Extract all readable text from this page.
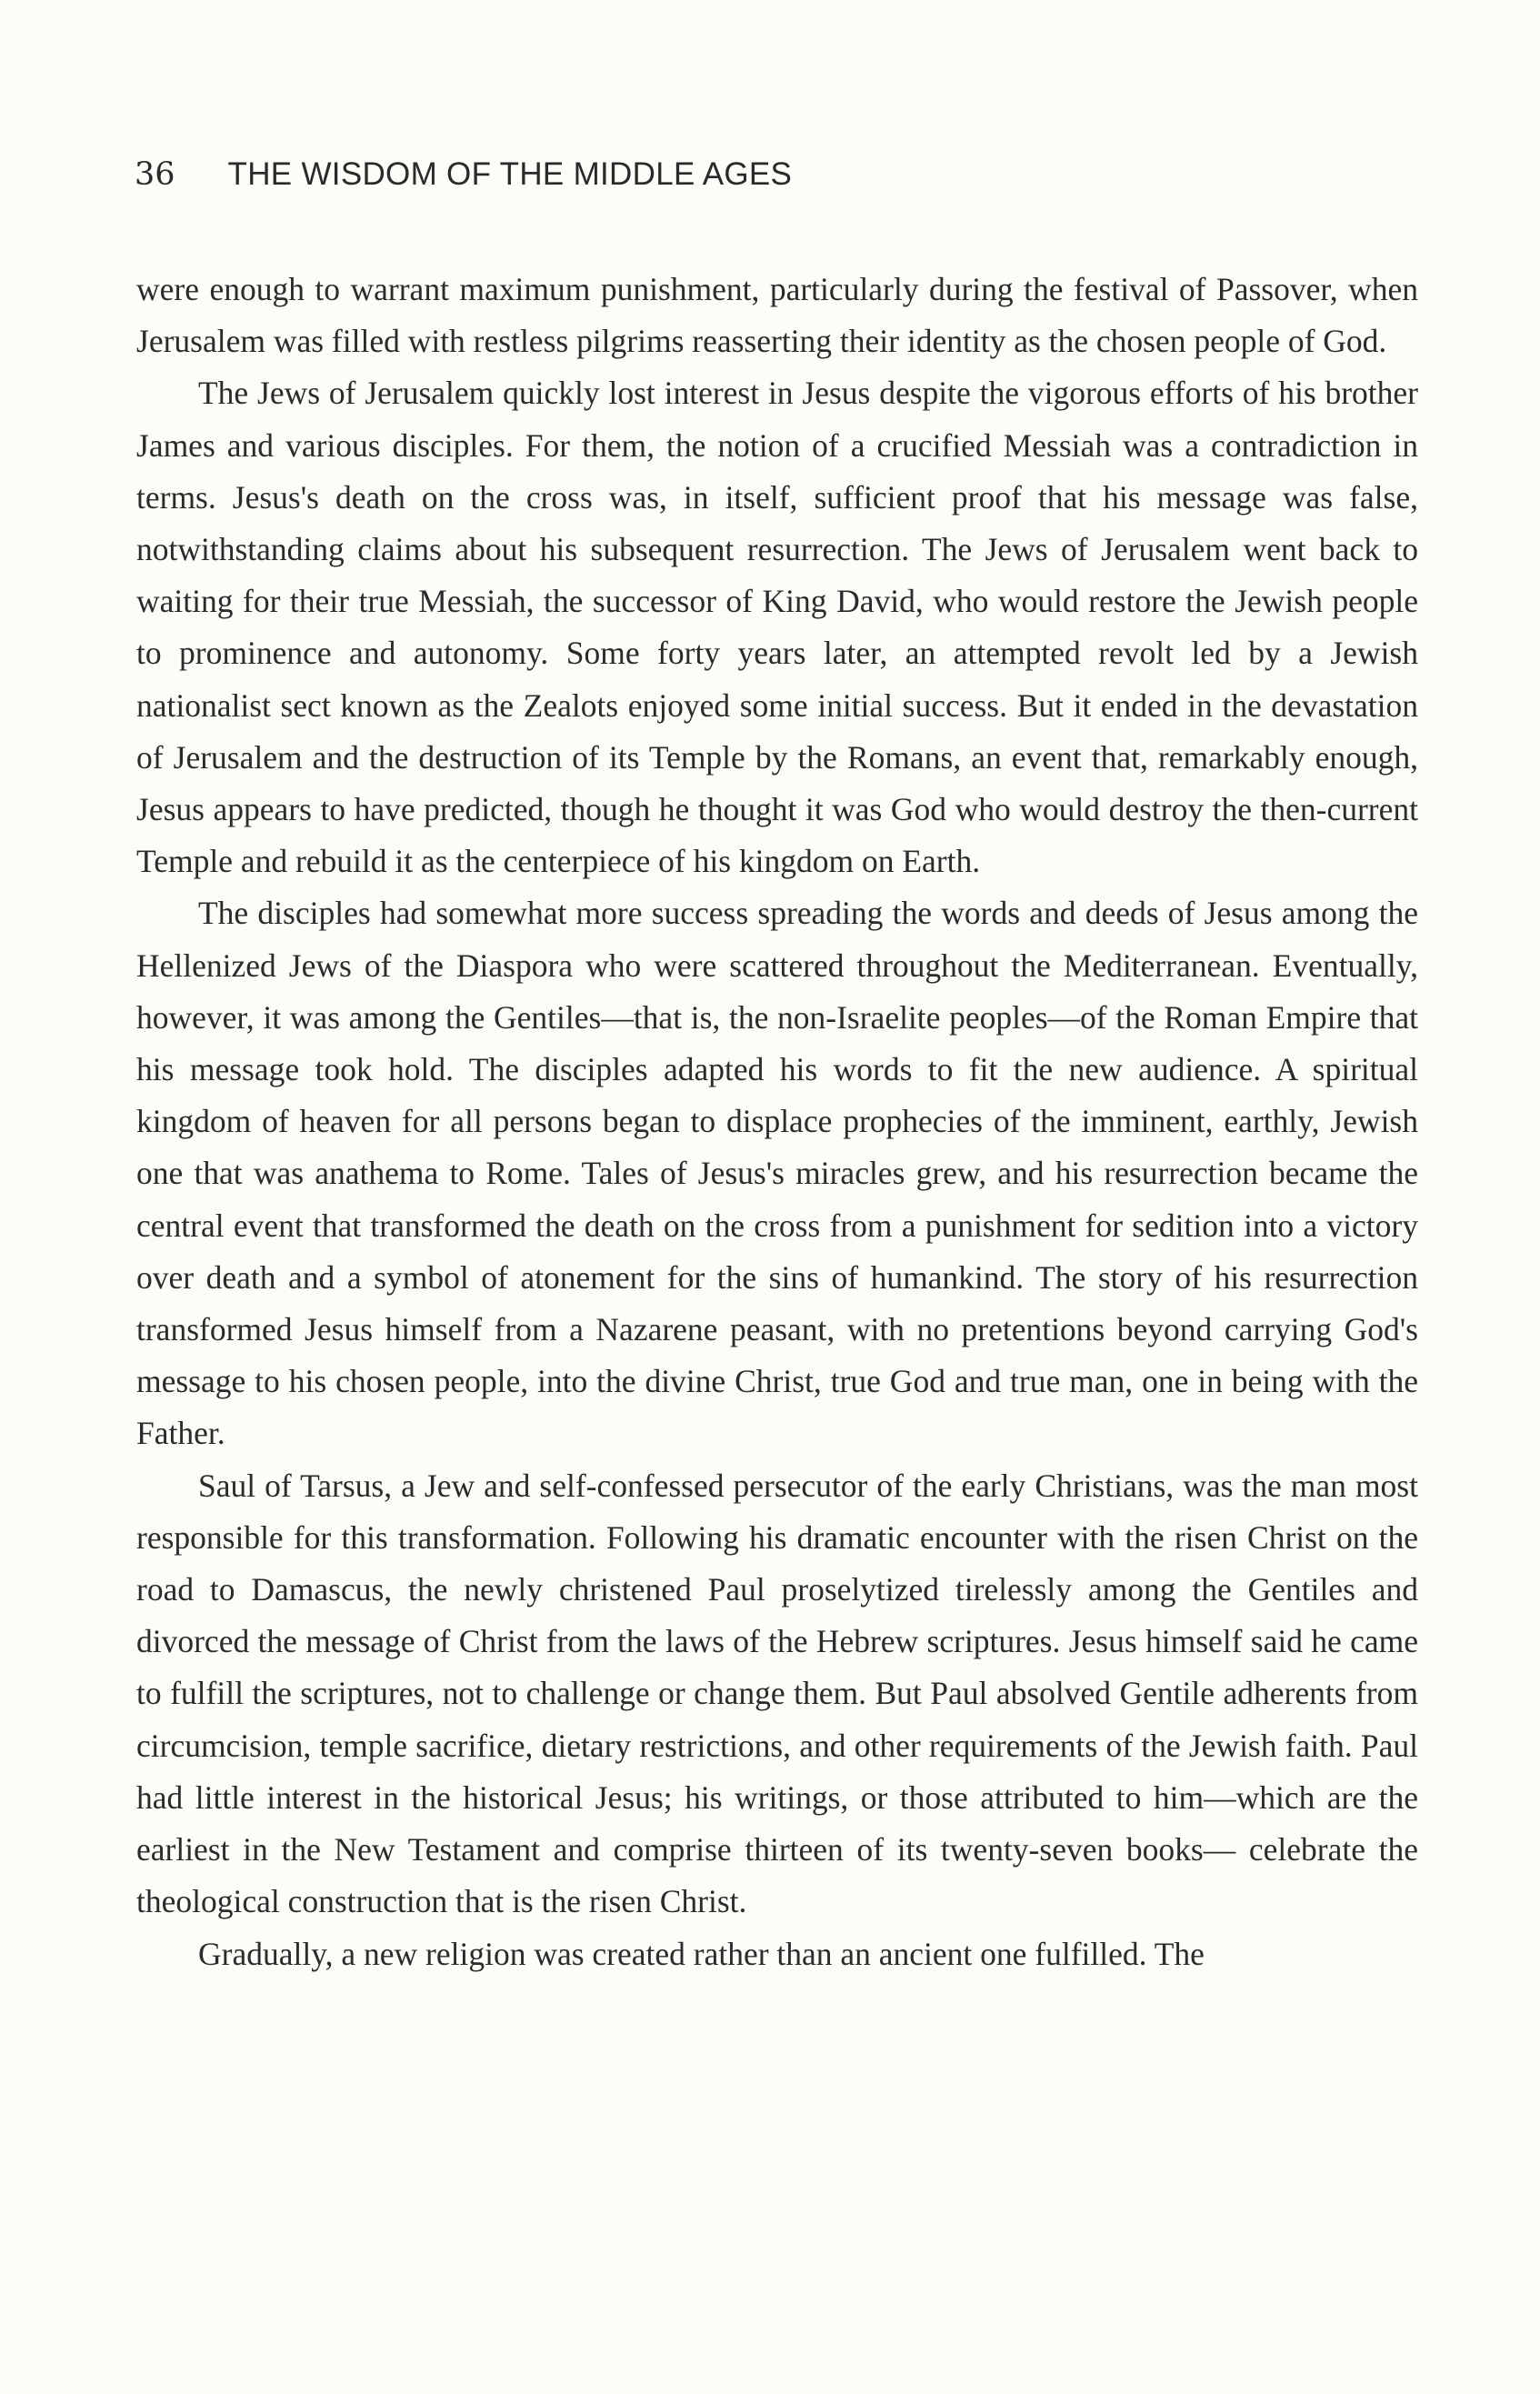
36 THE WISDOM OF THE MIDDLE AGES

were enough to warrant maximum punishment, particularly during the festival of Passover, when Jerusalem was filled with restless pilgrims reasserting their identity as the chosen people of God.

The Jews of Jerusalem quickly lost interest in Jesus despite the vigorous efforts of his brother James and various disciples. For them, the notion of a crucified Messiah was a contradiction in terms. Jesus's death on the cross was, in itself, sufficient proof that his message was false, notwithstanding claims about his subsequent resurrection. The Jews of Jerusalem went back to waiting for their true Messiah, the successor of King David, who would restore the Jewish people to prominence and autonomy. Some forty years later, an attempted revolt led by a Jewish nationalist sect known as the Zealots enjoyed some initial success. But it ended in the devastation of Jerusalem and the destruction of its Temple by the Romans, an event that, remarkably enough, Jesus appears to have predicted, though he thought it was God who would destroy the then-current Temple and rebuild it as the centerpiece of his kingdom on Earth.

The disciples had somewhat more success spreading the words and deeds of Jesus among the Hellenized Jews of the Diaspora who were scattered throughout the Mediterranean. Eventually, however, it was among the Gentiles—that is, the non-Israelite peoples—of the Roman Empire that his message took hold. The disciples adapted his words to fit the new audience. A spiritual kingdom of heaven for all persons began to displace prophecies of the imminent, earthly, Jewish one that was anathema to Rome. Tales of Jesus's miracles grew, and his resurrection became the central event that transformed the death on the cross from a punishment for sedition into a victory over death and a symbol of atonement for the sins of humankind. The story of his resurrection transformed Jesus himself from a Nazarene peasant, with no pretentions beyond carrying God's message to his chosen people, into the divine Christ, true God and true man, one in being with the Father.

Saul of Tarsus, a Jew and self-confessed persecutor of the early Christians, was the man most responsible for this transformation. Following his dramatic encounter with the risen Christ on the road to Damascus, the newly christened Paul proselytized tirelessly among the Gentiles and divorced the message of Christ from the laws of the Hebrew scriptures. Jesus himself said he came to fulfill the scriptures, not to challenge or change them. But Paul absolved Gentile adherents from circumcision, temple sacrifice, dietary restrictions, and other requirements of the Jewish faith. Paul had little interest in the historical Jesus; his writings, or those attributed to him—which are the earliest in the New Testament and comprise thirteen of its twenty-seven books— celebrate the theological construction that is the risen Christ.

Gradually, a new religion was created rather than an ancient one fulfilled. The
